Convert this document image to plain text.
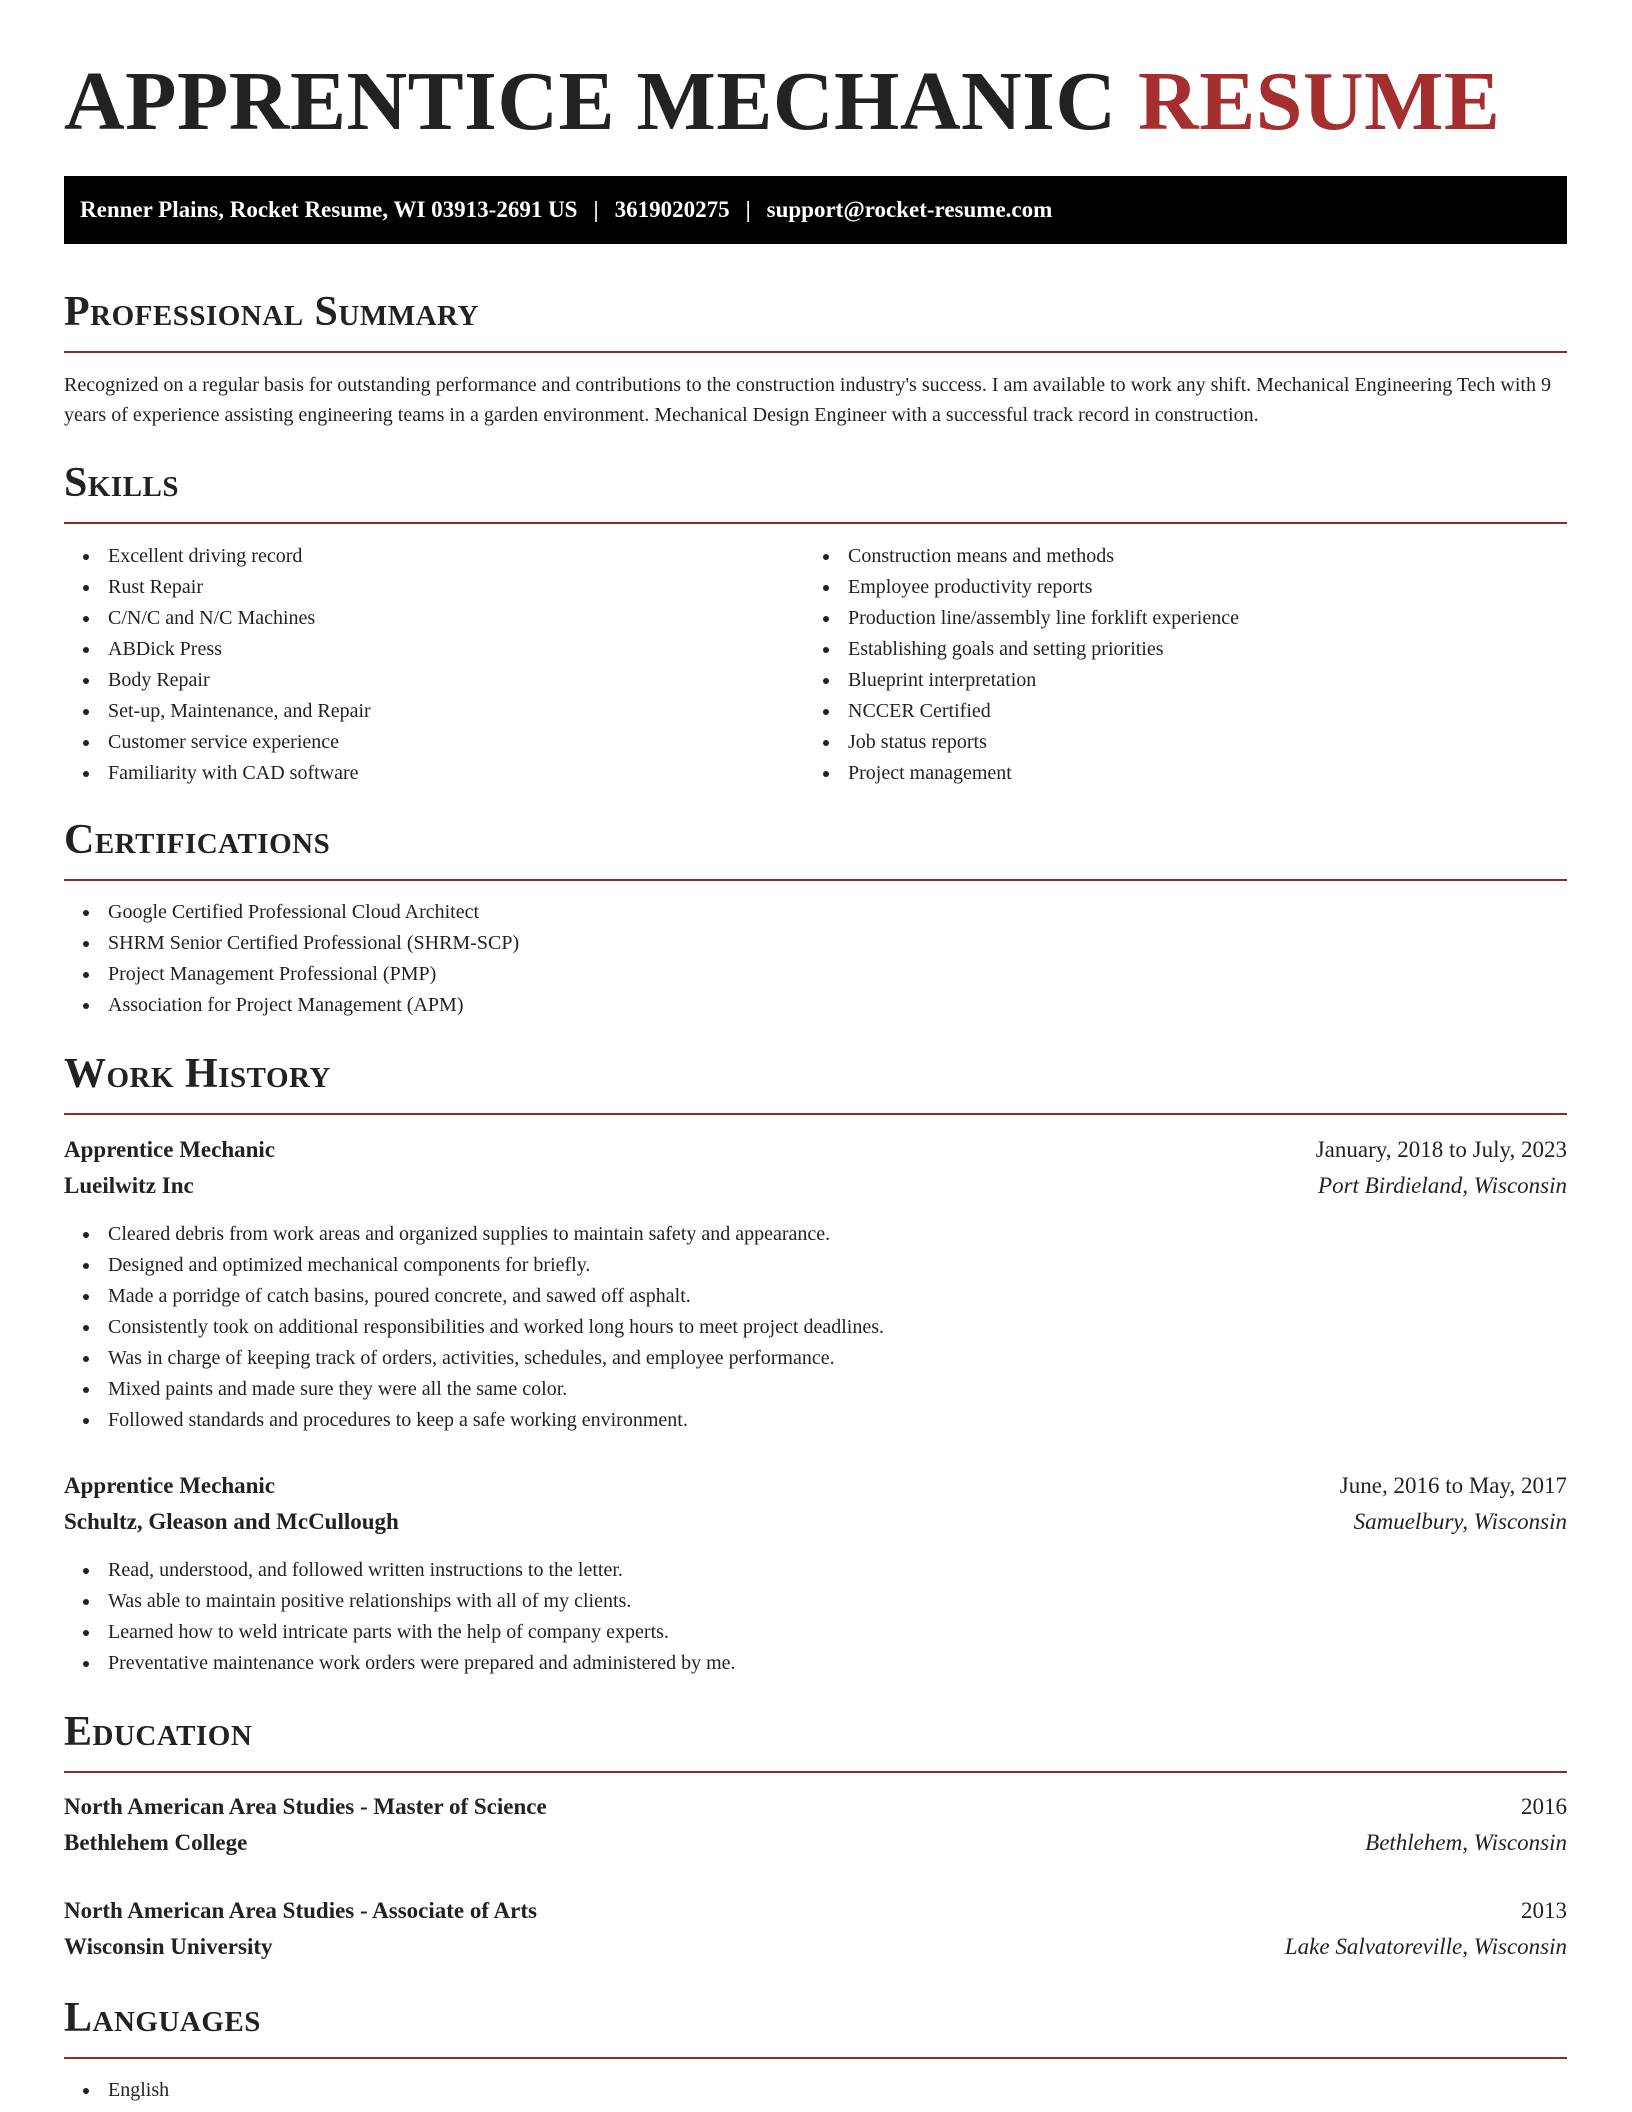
APPRENTICE MECHANIC RESUME
Renner Plains, Rocket Resume, WI 03913-2691 US | 3619020275 | support@rocket-resume.com
Professional Summary

Recognized on a regular basis for outstanding performance and contributions to the construction industry's success. I am available to work any shift. Mechanical Engineering Tech with 9 years of experience assisting engineering teams in a garden environment. Mechanical Design Engineer with a successful track record in construction.

Skills
Excellent driving record
Rust Repair
C/N/C and N/C Machines
ABDick Press
Body Repair
Set-up, Maintenance, and Repair
Customer service experience
Familiarity with CAD software
Construction means and methods
Employee productivity reports
Production line/assembly line forklift experience
Establishing goals and setting priorities
Blueprint interpretation
NCCER Certified
Job status reports
Project management
Certifications
Google Certified Professional Cloud Architect
SHRM Senior Certified Professional (SHRM-SCP)
Project Management Professional (PMP)
Association for Project Management (APM)
Work History
Apprentice Mechanic	January, 2018 to July, 2023
Lueilwitz Inc	Port Birdieland, Wisconsin
Cleared debris from work areas and organized supplies to maintain safety and appearance.
Designed and optimized mechanical components for briefly.
Made a porridge of catch basins, poured concrete, and sawed off asphalt.
Consistently took on additional responsibilities and worked long hours to meet project deadlines.
Was in charge of keeping track of orders, activities, schedules, and employee performance.
Mixed paints and made sure they were all the same color.
Followed standards and procedures to keep a safe working environment.
Apprentice Mechanic	June, 2016 to May, 2017
Schultz, Gleason and McCullough	Samuelbury, Wisconsin
Read, understood, and followed written instructions to the letter.
Was able to maintain positive relationships with all of my clients.
Learned how to weld intricate parts with the help of company experts.
Preventative maintenance work orders were prepared and administered by me.
Education
North American Area Studies - Master of Science	2016
Bethlehem College	Bethlehem, Wisconsin
North American Area Studies - Associate of Arts	2013
Wisconsin University	Lake Salvatoreville, Wisconsin
Languages
English
